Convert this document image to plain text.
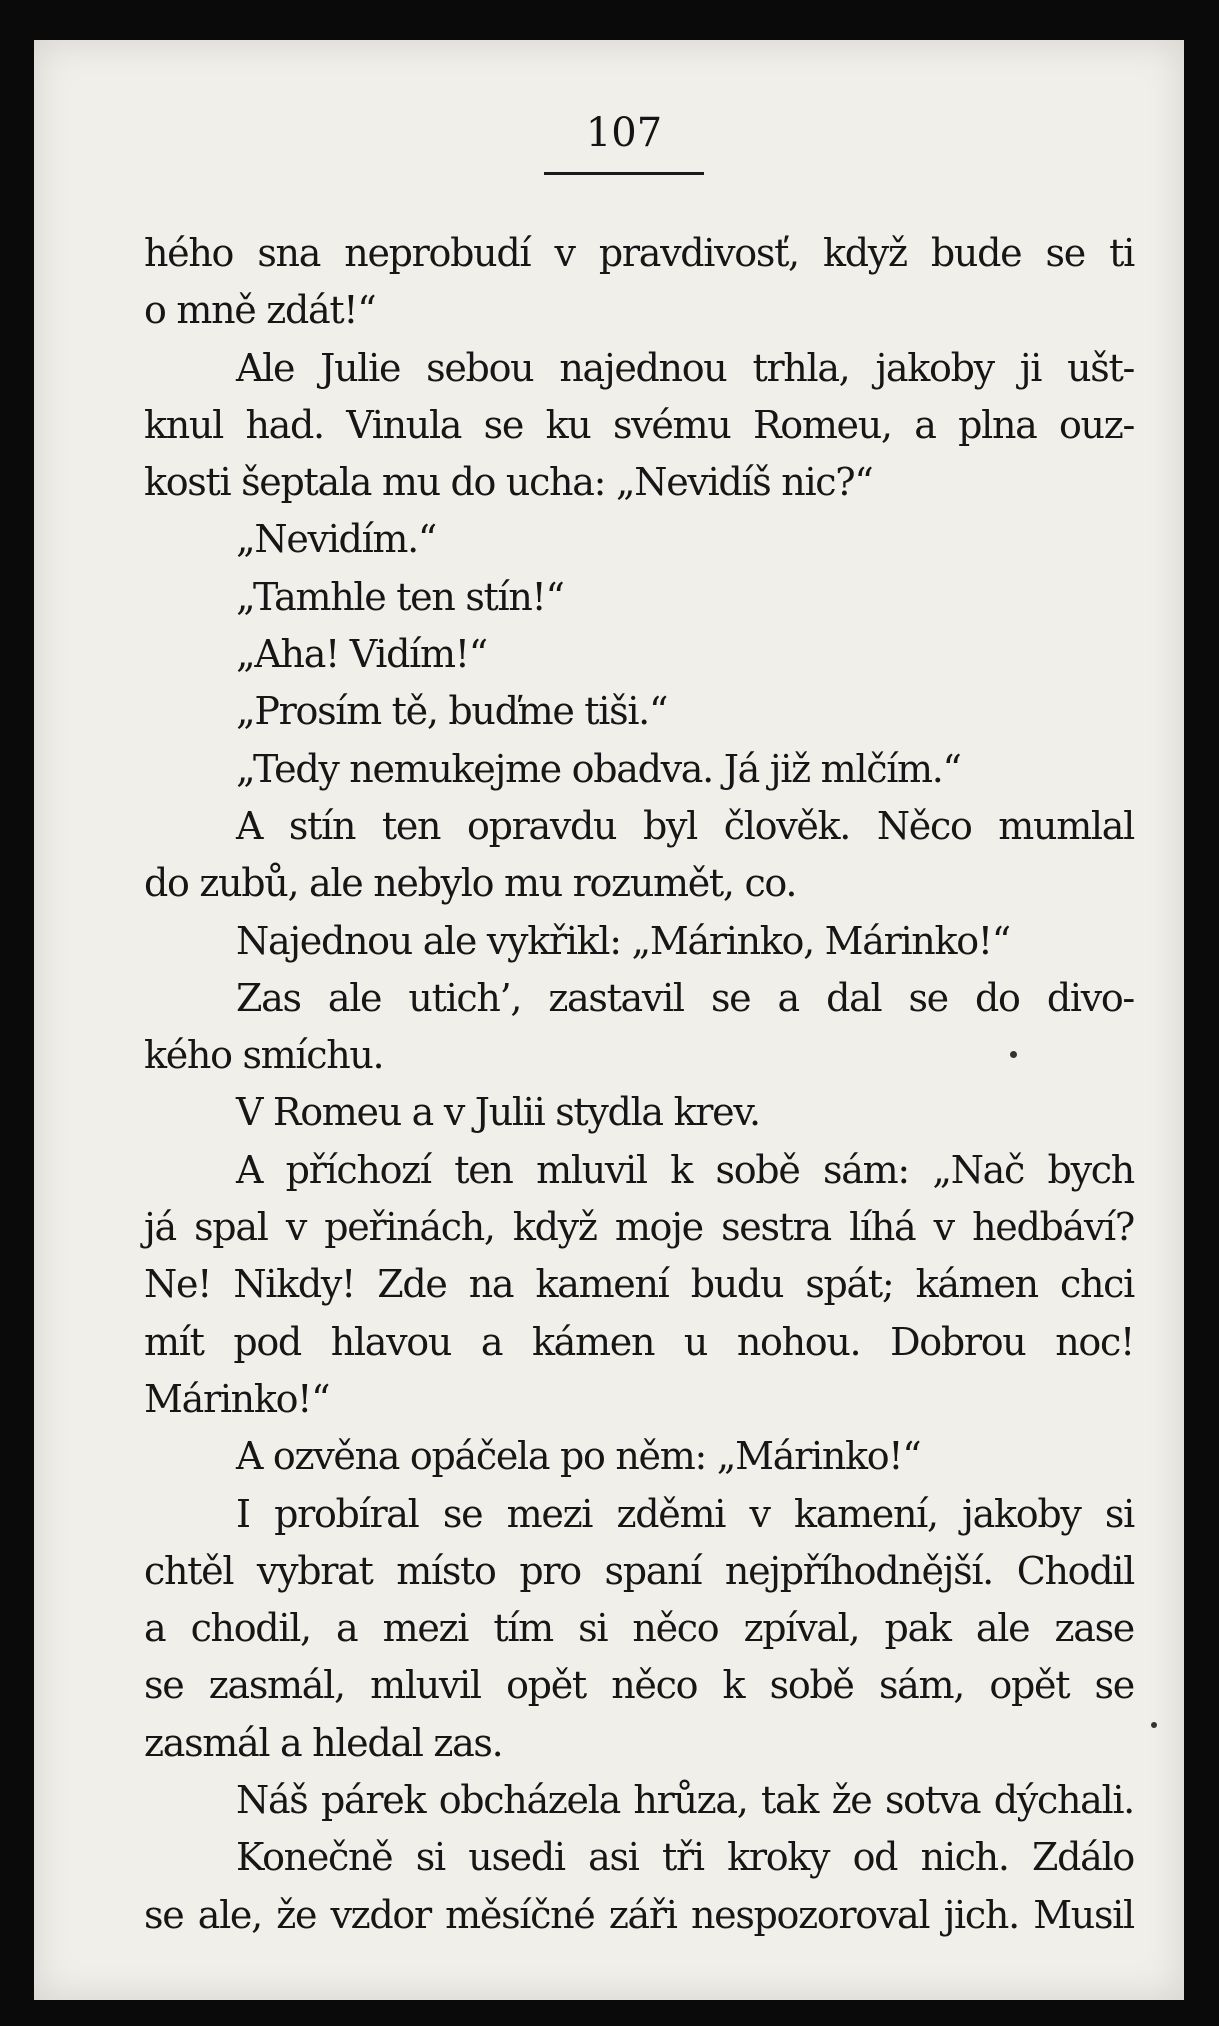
107
hého sna neprobudí v pravdivosť, když bude se ti
o mně zdát!“
Ale Julie sebou najednou trhla, jakoby ji ušt-
knul had. Vinula se ku svému Romeu, a plna ouz-
kosti šeptala mu do ucha: „Nevidíš nic?“
„Nevidím.“
„Tamhle ten stín!“
„Aha! Vidím!“
„Prosím tě, buďme tiši.“
„Tedy nemukejme obadva. Já již mlčím.“
A stín ten opravdu byl člověk. Něco mumlal
do zubů, ale nebylo mu rozumět, co.
Najednou ale vykřikl: „Márinko, Márinko!“
Zas ale utich’, zastavil se a dal se do divo-
kého smíchu.
V Romeu a v Julii stydla krev.
A příchozí ten mluvil k sobě sám: „Nač bych
já spal v peřinách, když moje sestra líhá v hedbáví?
Ne! Nikdy! Zde na kamení budu spát; kámen chci
mít pod hlavou a kámen u nohou. Dobrou noc!
Márinko!“
A ozvěna opáčela po něm: „Márinko!“
I probíral se mezi zděmi v kamení, jakoby si
chtěl vybrat místo pro spaní nejpříhodnější. Chodil
a chodil, a mezi tím si něco zpíval, pak ale zase
se zasmál, mluvil opět něco k sobě sám, opět se
zasmál a hledal zas.
Náš párek obcházela hrůza, tak že sotva dýchali.
Konečně si usedi asi tři kroky od nich. Zdálo
se ale, že vzdor měsíčné záři nespozoroval jich. Musil
